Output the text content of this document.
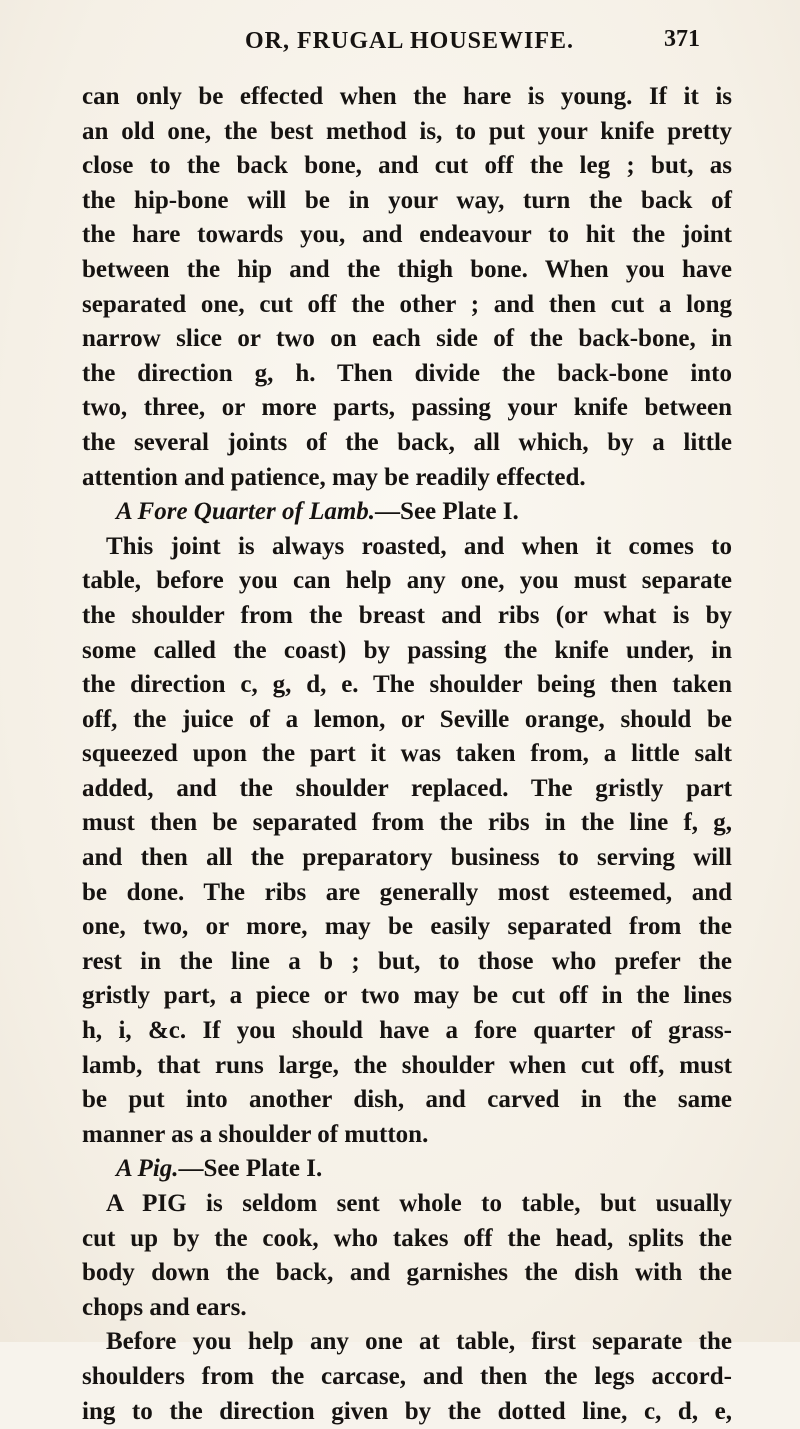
OR, FRUGAL HOUSEWIFE.	371
can only be effected when the hare is young. If it is
an old one, the best method is, to put your knife pretty
close to the back bone, and cut off the leg ; but, as
the hip-bone will be in your way, turn the back of
the hare towards you, and endeavour to hit the joint
between the hip and the thigh bone. When you have
separated one, cut off the other ; and then cut a long
narrow slice or two on each side of the back-bone, in
the direction g, h. Then divide the back-bone into
two, three, or more parts, passing your knife between
the several joints of the back, all which, by a little
attention and patience, may be readily effected.
A Fore Quarter of Lamb.—See Plate I.
This joint is always roasted, and when it comes to
table, before you can help any one, you must separate
the shoulder from the breast and ribs (or what is by
some called the coast) by passing the knife under, in
the direction c, g, d, e. The shoulder being then taken
off, the juice of a lemon, or Seville orange, should be
squeezed upon the part it was taken from, a little salt
added, and the shoulder replaced. The gristly part
must then be separated from the ribs in the line f, g,
and then all the preparatory business to serving will
be done. The ribs are generally most esteemed, and
one, two, or more, may be easily separated from the
rest in the line a b ; but, to those who prefer the
gristly part, a piece or two may be cut off in the lines
h, i, &c. If you should have a fore quarter of grass-
lamb, that runs large, the shoulder when cut off, must
be put into another dish, and carved in the same
manner as a shoulder of mutton.
A Pig.—See Plate I.
A PIG is seldom sent whole to table, but usually
cut up by the cook, who takes off the head, splits the
body down the back, and garnishes the dish with the
chops and ears.
Before you help any one at table, first separate the
shoulders from the carcase, and then the legs accord-
ing to the direction given by the dotted line, c, d, e,
